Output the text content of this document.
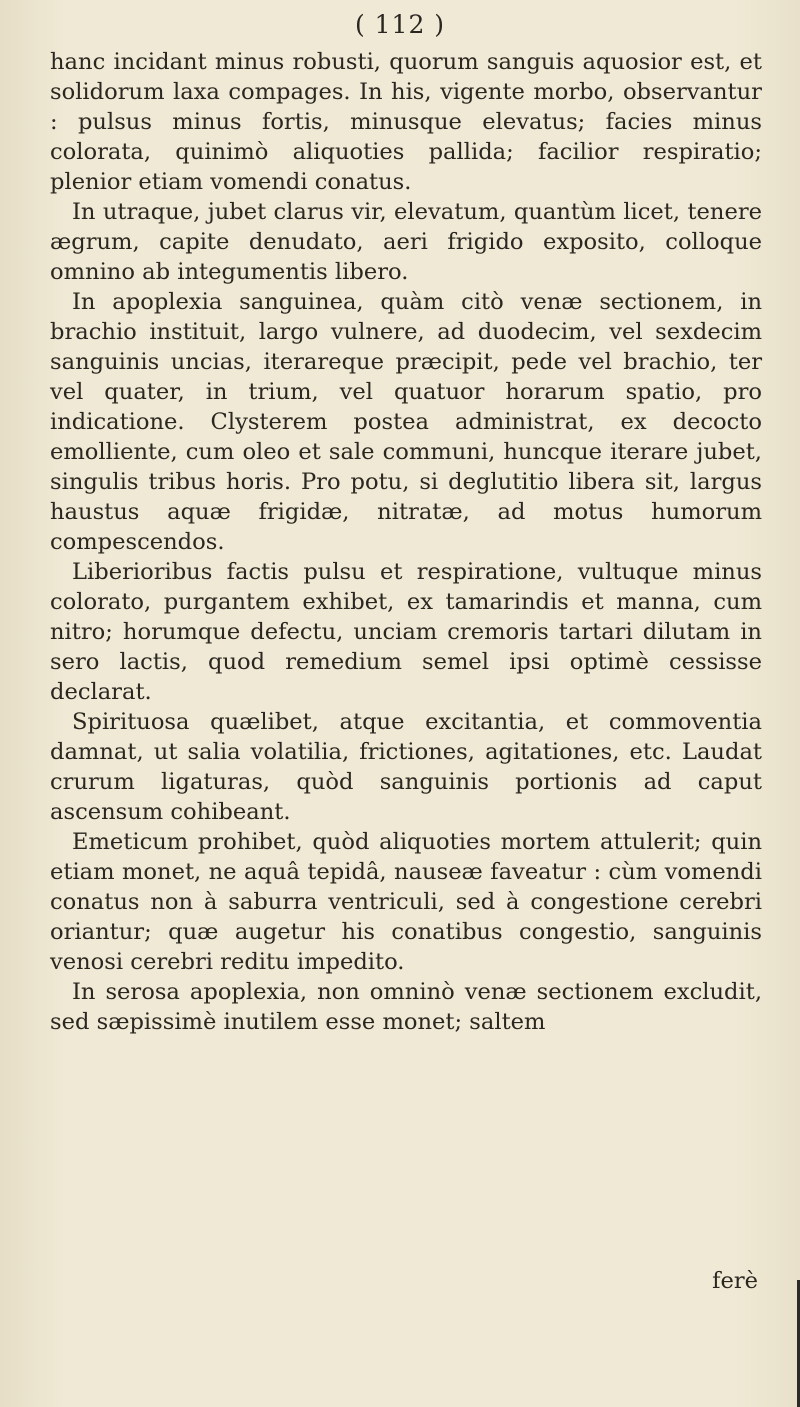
( 112 )

hanc incidant minus robusti, quorum sanguis aquosior est, et solidorum laxa compages. In his, vigente morbo, observantur : pulsus minus fortis, minusque elevatus; facies minus colorata, quinimò aliquoties pallida; facilior respiratio; plenior etiam vomendi conatus.

In utraque, jubet clarus vir, elevatum, quantùm licet, tenere ægrum, capite denudato, aeri frigido exposito, colloque omnino ab integumentis libero.

In apoplexia sanguinea, quàm citò venæ sectionem, in brachio instituit, largo vulnere, ad duodecim, vel sexdecim sanguinis uncias, iterareque præcipit, pede vel brachio, ter vel quater, in trium, vel quatuor horarum spatio, pro indicatione. Clysterem postea administrat, ex decocto emolliente, cum oleo et sale communi, huncque iterare jubet, singulis tribus horis. Pro potu, si deglutitio libera sit, largus haustus aquæ frigidæ, nitratæ, ad motus humorum compescendos.

Liberioribus factis pulsu et respiratione, vultuque minus colorato, purgantem exhibet, ex tamarindis et manna, cum nitro; horumque defectu, unciam cremoris tartari dilutam in sero lactis, quod remedium semel ipsi optimè cessisse declarat.

Spirituosa quælibet, atque excitantia, et commoventia damnat, ut salia volatilia, frictiones, agitationes, etc. Laudat crurum ligaturas, quòd sanguinis portionis ad caput ascensum cohibeant.

Emeticum prohibet, quòd aliquoties mortem attulerit; quin etiam monet, ne aquâ tepidâ, nauseæ faveatur : cùm vomendi conatus non à saburra ventriculi, sed à congestione cerebri oriantur; quæ augetur his conatibus congestio, sanguinis venosi cerebri reditu impedito.

In serosa apoplexia, non omninò venæ sectionem excludit, sed sæpissimè inutilem esse monet; saltem

ferè
